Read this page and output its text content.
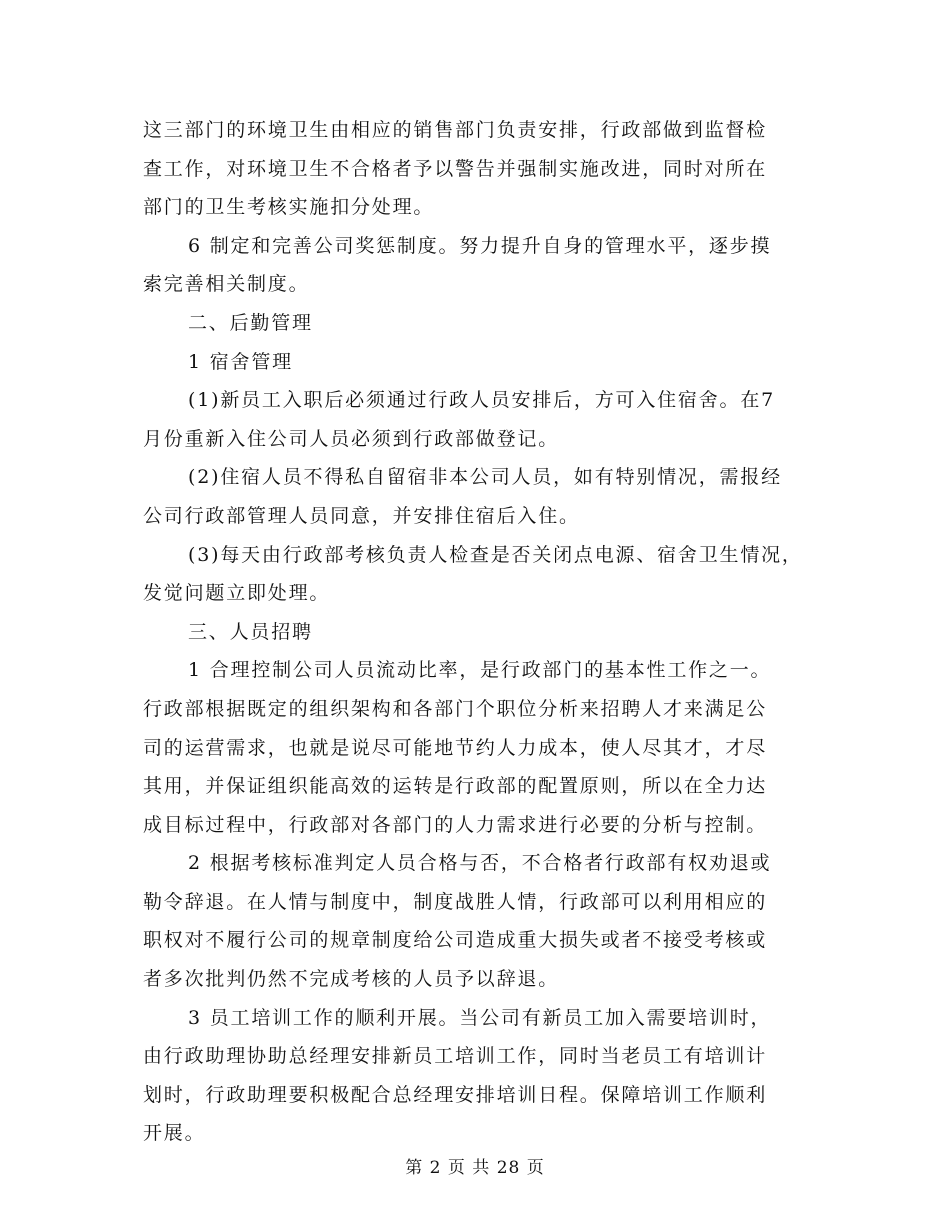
这三部门的环境卫生由相应的销售部门负责安排，行政部做到监督检
查工作，对环境卫生不合格者予以警告并强制实施改进，同时对所在
部门的卫生考核实施扣分处理。
6 制定和完善公司奖惩制度。努力提升自身的管理水平，逐步摸
索完善相关制度。
二、后勤管理
1 宿舍管理
(1)新员工入职后必须通过行政人员安排后，方可入住宿舍。在7
月份重新入住公司人员必须到行政部做登记。
(2)住宿人员不得私自留宿非本公司人员，如有特别情况，需报经
公司行政部管理人员同意，并安排住宿后入住。
(3)每天由行政部考核负责人检查是否关闭点电源、宿舍卫生情况，
发觉问题立即处理。
三、人员招聘
1 合理控制公司人员流动比率，是行政部门的基本性工作之一。
行政部根据既定的组织架构和各部门个职位分析来招聘人才来满足公
司的运营需求，也就是说尽可能地节约人力成本，使人尽其才，才尽
其用，并保证组织能高效的运转是行政部的配置原则，所以在全力达
成目标过程中，行政部对各部门的人力需求进行必要的分析与控制。
2 根据考核标准判定人员合格与否，不合格者行政部有权劝退或
勒令辞退。在人情与制度中，制度战胜人情，行政部可以利用相应的
职权对不履行公司的规章制度给公司造成重大损失或者不接受考核或
者多次批判仍然不完成考核的人员予以辞退。
3 员工培训工作的顺利开展。当公司有新员工加入需要培训时，
由行政助理协助总经理安排新员工培训工作，同时当老员工有培训计
划时，行政助理要积极配合总经理安排培训日程。保障培训工作顺利
开展。
第 2 页 共 28 页
